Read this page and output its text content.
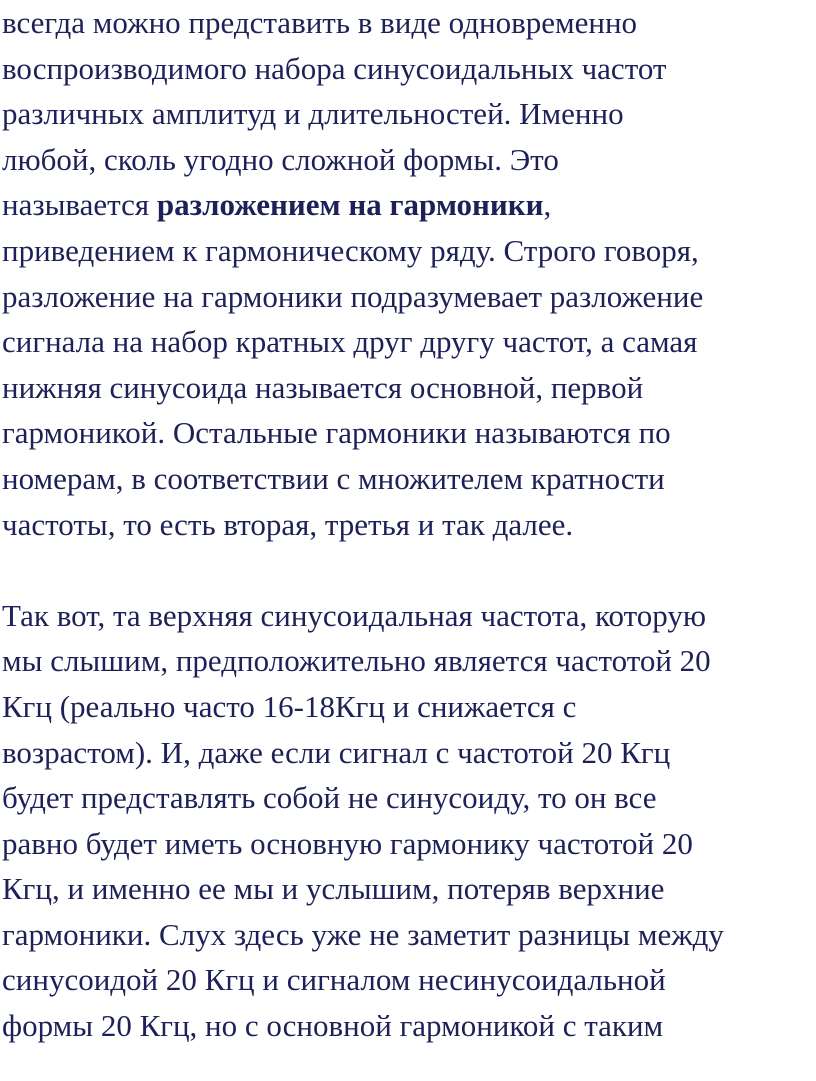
всегда можно представить в виде одновременно
воспроизводимого набора синусоидальных частот
различных амплитуд и длительностей. Именно
любой, сколь угодно сложной формы. Это
называется разложением на гармоники,
приведением к гармоническому ряду. Строго говоря,
разложение на гармоники подразумевает разложение
сигнала на набор кратных друг другу частот, а самая
нижняя синусоида называется основной, первой
гармоникой. Остальные гармоники называются по
номерам, в соответствии с множителем кратности
частоты, то есть вторая, третья и так далее.
Так вот, та верхняя синусоидальная частота, которую
мы слышим, предположительно является частотой 20
Кгц (реально часто 16-18Кгц и снижается с
возрастом). И, даже если сигнал с частотой 20 Кгц
будет представлять собой не синусоиду, то он все
равно будет иметь основную гармонику частотой 20
Кгц, и именно ее мы и услышим, потеряв верхние
гармоники. Слух здесь уже не заметит разницы между
синусоидой 20 Кгц и сигналом несинусоидальной
формы 20 Кгц, но с основной гармоникой с таким
